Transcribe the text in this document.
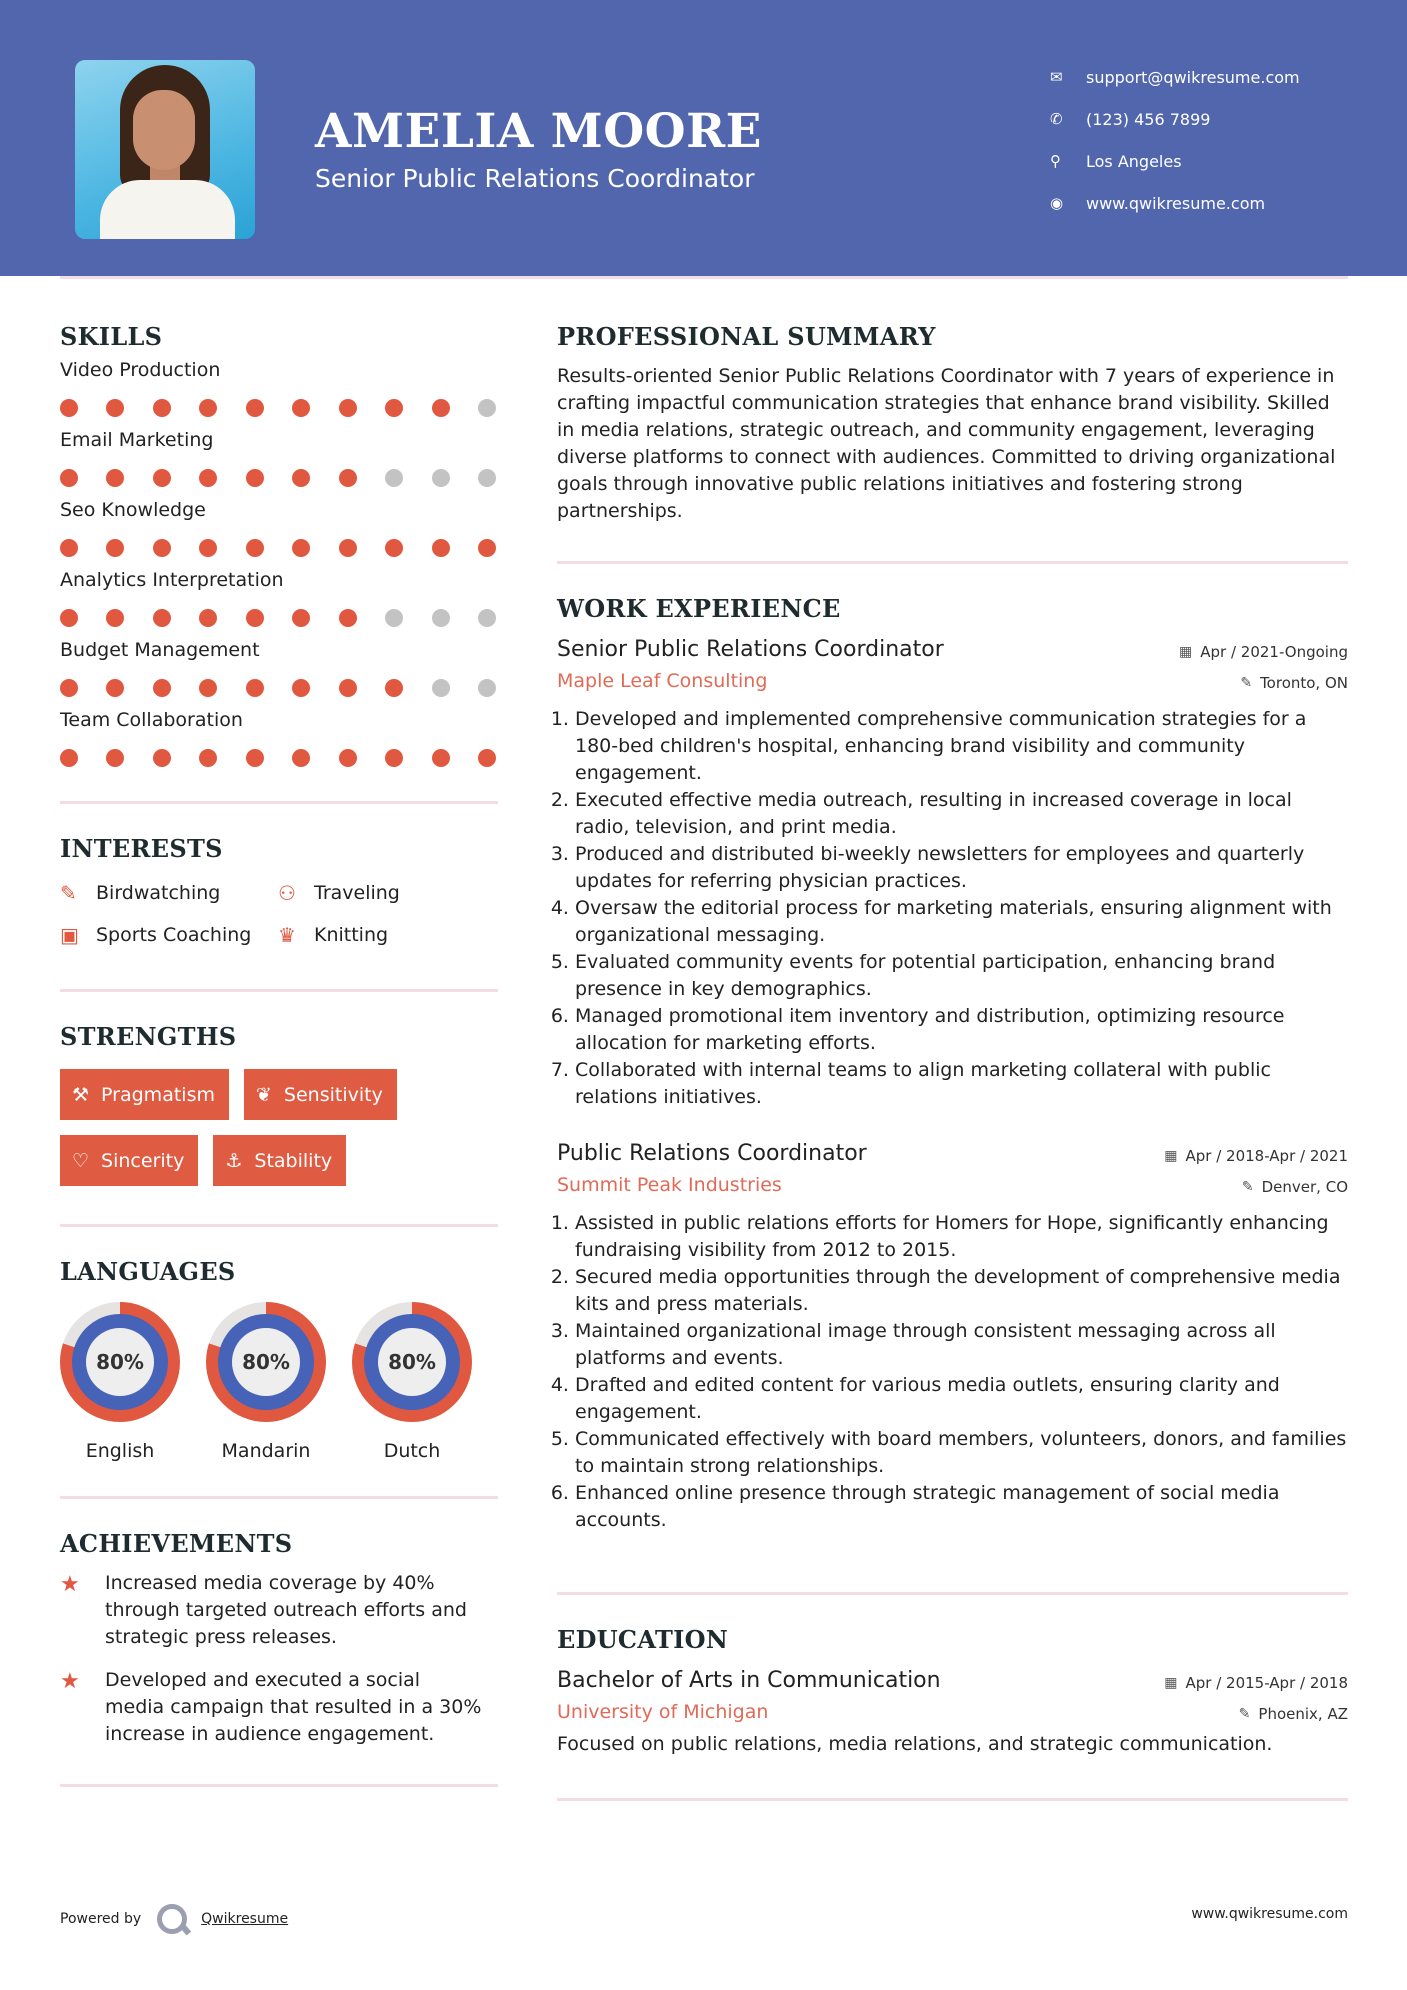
AMELIA MOORE
Senior Public Relations Coordinator
✉	support@qwikresume.com
✆	(123) 456 7899
⚲	Los Angeles
◉	www.qwikresume.com
SKILLS
Video Production
Email Marketing
Seo Knowledge
Analytics Interpretation
Budget Management
Team Collaboration
INTERESTS
✎	Birdwatching	⚇ Traveling
▣ Sports Coaching ♛ Knitting
STRENGTHS
⚒ Pragmatism ❦ Sensitivity
♡ Sincerity ⚓ Stability
LANGUAGES
80%
English
80%
Mandarin
80%
Dutch
ACHIEVEMENTS
★	Increased media coverage by 40% through targeted outreach efforts and strategic press releases.
★	Developed and executed a social media campaign that resulted in a 30% increase in audience engagement.
PROFESSIONAL SUMMARY
Results-oriented Senior Public Relations Coordinator with 7 years of experience in crafting impactful communication strategies that enhance brand visibility. Skilled in media relations, strategic outreach, and community engagement, leveraging diverse platforms to connect with audiences. Committed to driving organizational goals through innovative public relations initiatives and fostering strong partnerships.
WORK EXPERIENCE
Senior Public Relations Coordinator	▦ Apr / 2021-Ongoing
Maple Leaf Consulting	✎ Toronto, ON
1. Developed and implemented comprehensive communication strategies for a 180-bed children's hospital, enhancing brand visibility and community engagement.
2. Executed effective media outreach, resulting in increased coverage in local radio, television, and print media.
3. Produced and distributed bi-weekly newsletters for employees and quarterly updates for referring physician practices.
4. Oversaw the editorial process for marketing materials, ensuring alignment with organizational messaging.
5. Evaluated community events for potential participation, enhancing brand presence in key demographics.
6. Managed promotional item inventory and distribution, optimizing resource allocation for marketing efforts.
7. Collaborated with internal teams to align marketing collateral with public relations initiatives.
Public Relations Coordinator	▦ Apr / 2018-Apr / 2021
Summit Peak Industries	✎ Denver, CO
1. Assisted in public relations efforts for Homers for Hope, significantly enhancing fundraising visibility from 2012 to 2015.
2. Secured media opportunities through the development of comprehensive media kits and press materials.
3. Maintained organizational image through consistent messaging across all platforms and events.
4. Drafted and edited content for various media outlets, ensuring clarity and engagement.
5. Communicated effectively with board members, volunteers, donors, and families to maintain strong relationships.
6. Enhanced online presence through strategic management of social media accounts.
EDUCATION
Bachelor of Arts in Communication	▦ Apr / 2015-Apr / 2018
University of Michigan	✎ Phoenix, AZ
Focused on public relations, media relations, and strategic communication.
Powered by	Qwikresume	www.qwikresume.com
